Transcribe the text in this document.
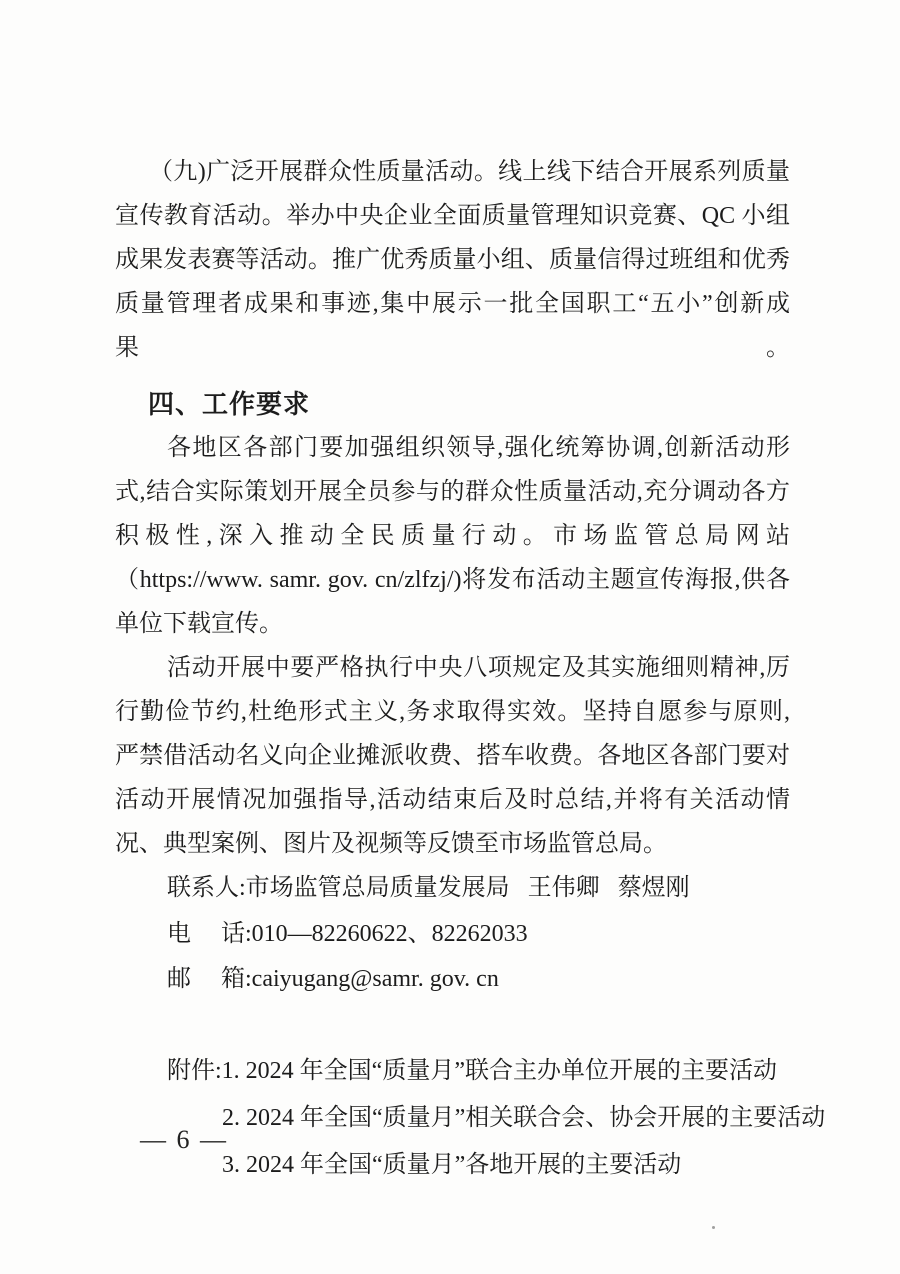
（九)广泛开展群众性质量活动。线上线下结合开展系列质量
宣传教育活动。举办中央企业全面质量管理知识竞赛、QC 小组
成果发表赛等活动。推广优秀质量小组、质量信得过班组和优秀
质量管理者成果和事迹,集中展示一批全国职工“五小”创新成果。
四、工作要求
各地区各部门要加强组织领导,强化统筹协调,创新活动形
式,结合实际策划开展全员参与的群众性质量活动,充分调动各方
积极性,深入推动全民质量行动。市场监管总局网站
（https://www. samr. gov. cn/zlfzj/)将发布活动主题宣传海报,供各
单位下载宣传。
活动开展中要严格执行中央八项规定及其实施细则精神,厉
行勤俭节约,杜绝形式主义,务求取得实效。坚持自愿参与原则,
严禁借活动名义向企业摊派收费、搭车收费。各地区各部门要对
活动开展情况加强指导,活动结束后及时总结,并将有关活动情
况、典型案例、图片及视频等反馈至市场监管总局。
联系人:市场监管总局质量发展局   王伟卿   蔡煜刚
电     话:010—82260622、82262033
邮     箱:caiyugang@samr. gov. cn
附件:1. 2024 年全国“质量月”联合主办单位开展的主要活动
2. 2024 年全国“质量月”相关联合会、协会开展的主要活动
3. 2024 年全国“质量月”各地开展的主要活动
— 6 —
